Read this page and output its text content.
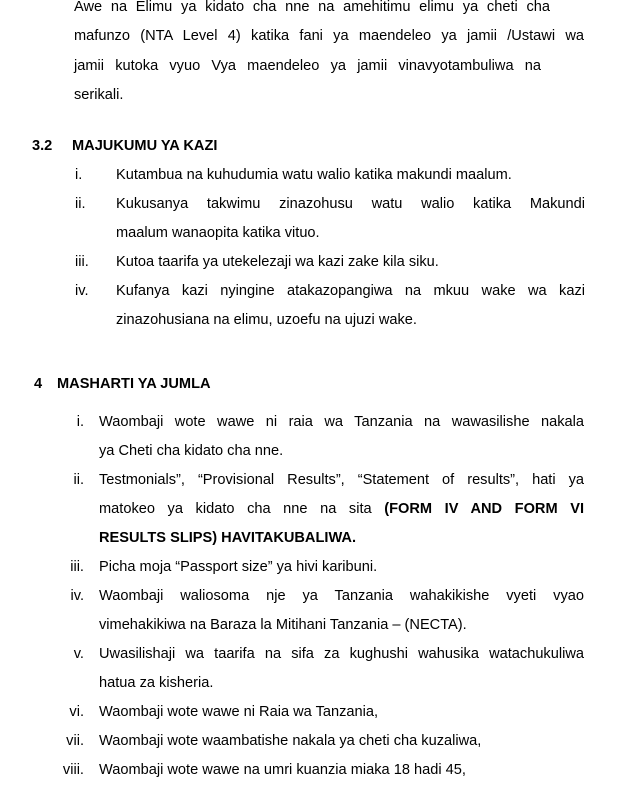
Awe na Elimu ya kidato cha nne na amehitimu elimu ya cheti cha
mafunzo (NTA Level 4) katika fani ya maendeleo ya jamii /Ustawi wa
jamii kutoka vyuo Vya maendeleo ya jamii vinavyotambuliwa na
serikali.
3.2 MAJUKUMU YA KAZI
i. Kutambua na kuhudumia watu walio katika makundi maalum.
ii. Kukusanya takwimu zinazohusu watu walio katika Makundi
maalum wanaopita katika vituo.
iii. Kutoa taarifa ya utekelezaji wa kazi zake kila siku.
iv. Kufanya kazi nyingine atakazopangiwa na mkuu wake wa kazi
zinazohusiana na elimu, uzoefu na ujuzi wake.
4 MASHARTI YA JUMLA
i. Waombaji wote wawe ni raia wa Tanzania na wawasilishe nakala
ya Cheti cha kidato cha nne.
ii. Testmonials”, “Provisional Results”, “Statement of results”, hati ya
matokeo ya kidato cha nne na sita (FORM IV AND FORM VI
RESULTS SLIPS) HAVITAKUBALIWA.
iii. Picha moja “Passport size” ya hivi karibuni.
iv. Waombaji waliosoma nje ya Tanzania wahakikishe vyeti vyao
vimehakikiwa na Baraza la Mitihani Tanzania – (NECTA).
v. Uwasilishaji wa taarifa na sifa za kughushi wahusika watachukuliwa
hatua za kisheria.
vi. Waombaji wote wawe ni Raia wa Tanzania,
vii. Waombaji wote waambatishe nakala ya cheti cha kuzaliwa,
viii. Waombaji wote wawe na umri kuanzia miaka 18 hadi 45,
